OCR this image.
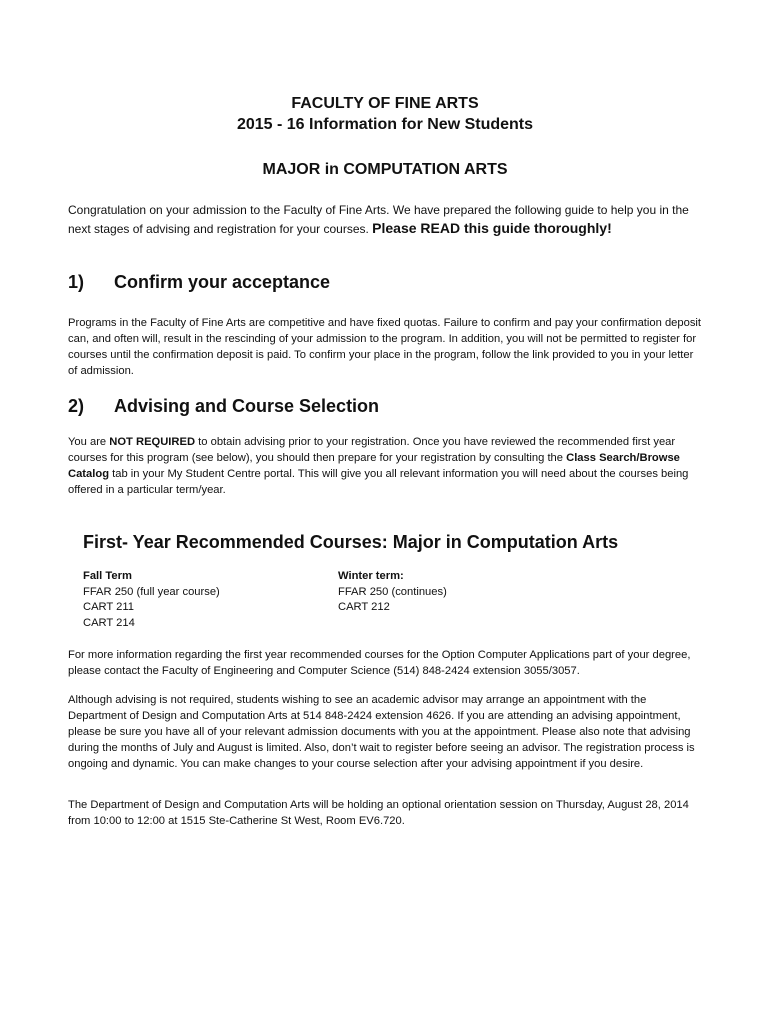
FACULTY OF FINE ARTS
2015 - 16 Information for New Students
MAJOR in COMPUTATION ARTS

Congratulation on your admission to the Faculty of Fine Arts. We have prepared the following guide to help you in the next stages of advising and registration for your courses. Please READ this guide thoroughly!

1) Confirm your acceptance

Programs in the Faculty of Fine Arts are competitive and have fixed quotas. Failure to confirm and pay your confirmation deposit can, and often will, result in the rescinding of your admission to the program. In addition, you will not be permitted to register for courses until the confirmation deposit is paid. To confirm your place in the program, follow the link provided to you in your letter of admission.

2) Advising and Course Selection

You are NOT REQUIRED to obtain advising prior to your registration. Once you have reviewed the recommended first year courses for this program (see below), you should then prepare for your registration by consulting the Class Search/Browse Catalog tab in your My Student Centre portal. This will give you all relevant information you will need about the courses being offered in a particular term/year.

First- Year Recommended Courses: Major in Computation Arts
Fall Term
FFAR 250 (full year course)
CART 211
CART 214
Winter term:
FFAR 250 (continues)
CART 212

For more information regarding the first year recommended courses for the Option Computer Applications part of your degree, please contact the Faculty of Engineering and Computer Science (514) 848-2424 extension 3055/3057.

Although advising is not required, students wishing to see an academic advisor may arrange an appointment with the Department of Design and Computation Arts at 514 848-2424 extension 4626. If you are attending an advising appointment, please be sure you have all of your relevant admission documents with you at the appointment. Please also note that advising during the months of July and August is limited. Also, don’t wait to register before seeing an advisor. The registration process is ongoing and dynamic. You can make changes to your course selection after your advising appointment if you desire.

The Department of Design and Computation Arts will be holding an optional orientation session on Thursday, August 28, 2014 from 10:00 to 12:00 at 1515 Ste-Catherine St West, Room EV6.720.
